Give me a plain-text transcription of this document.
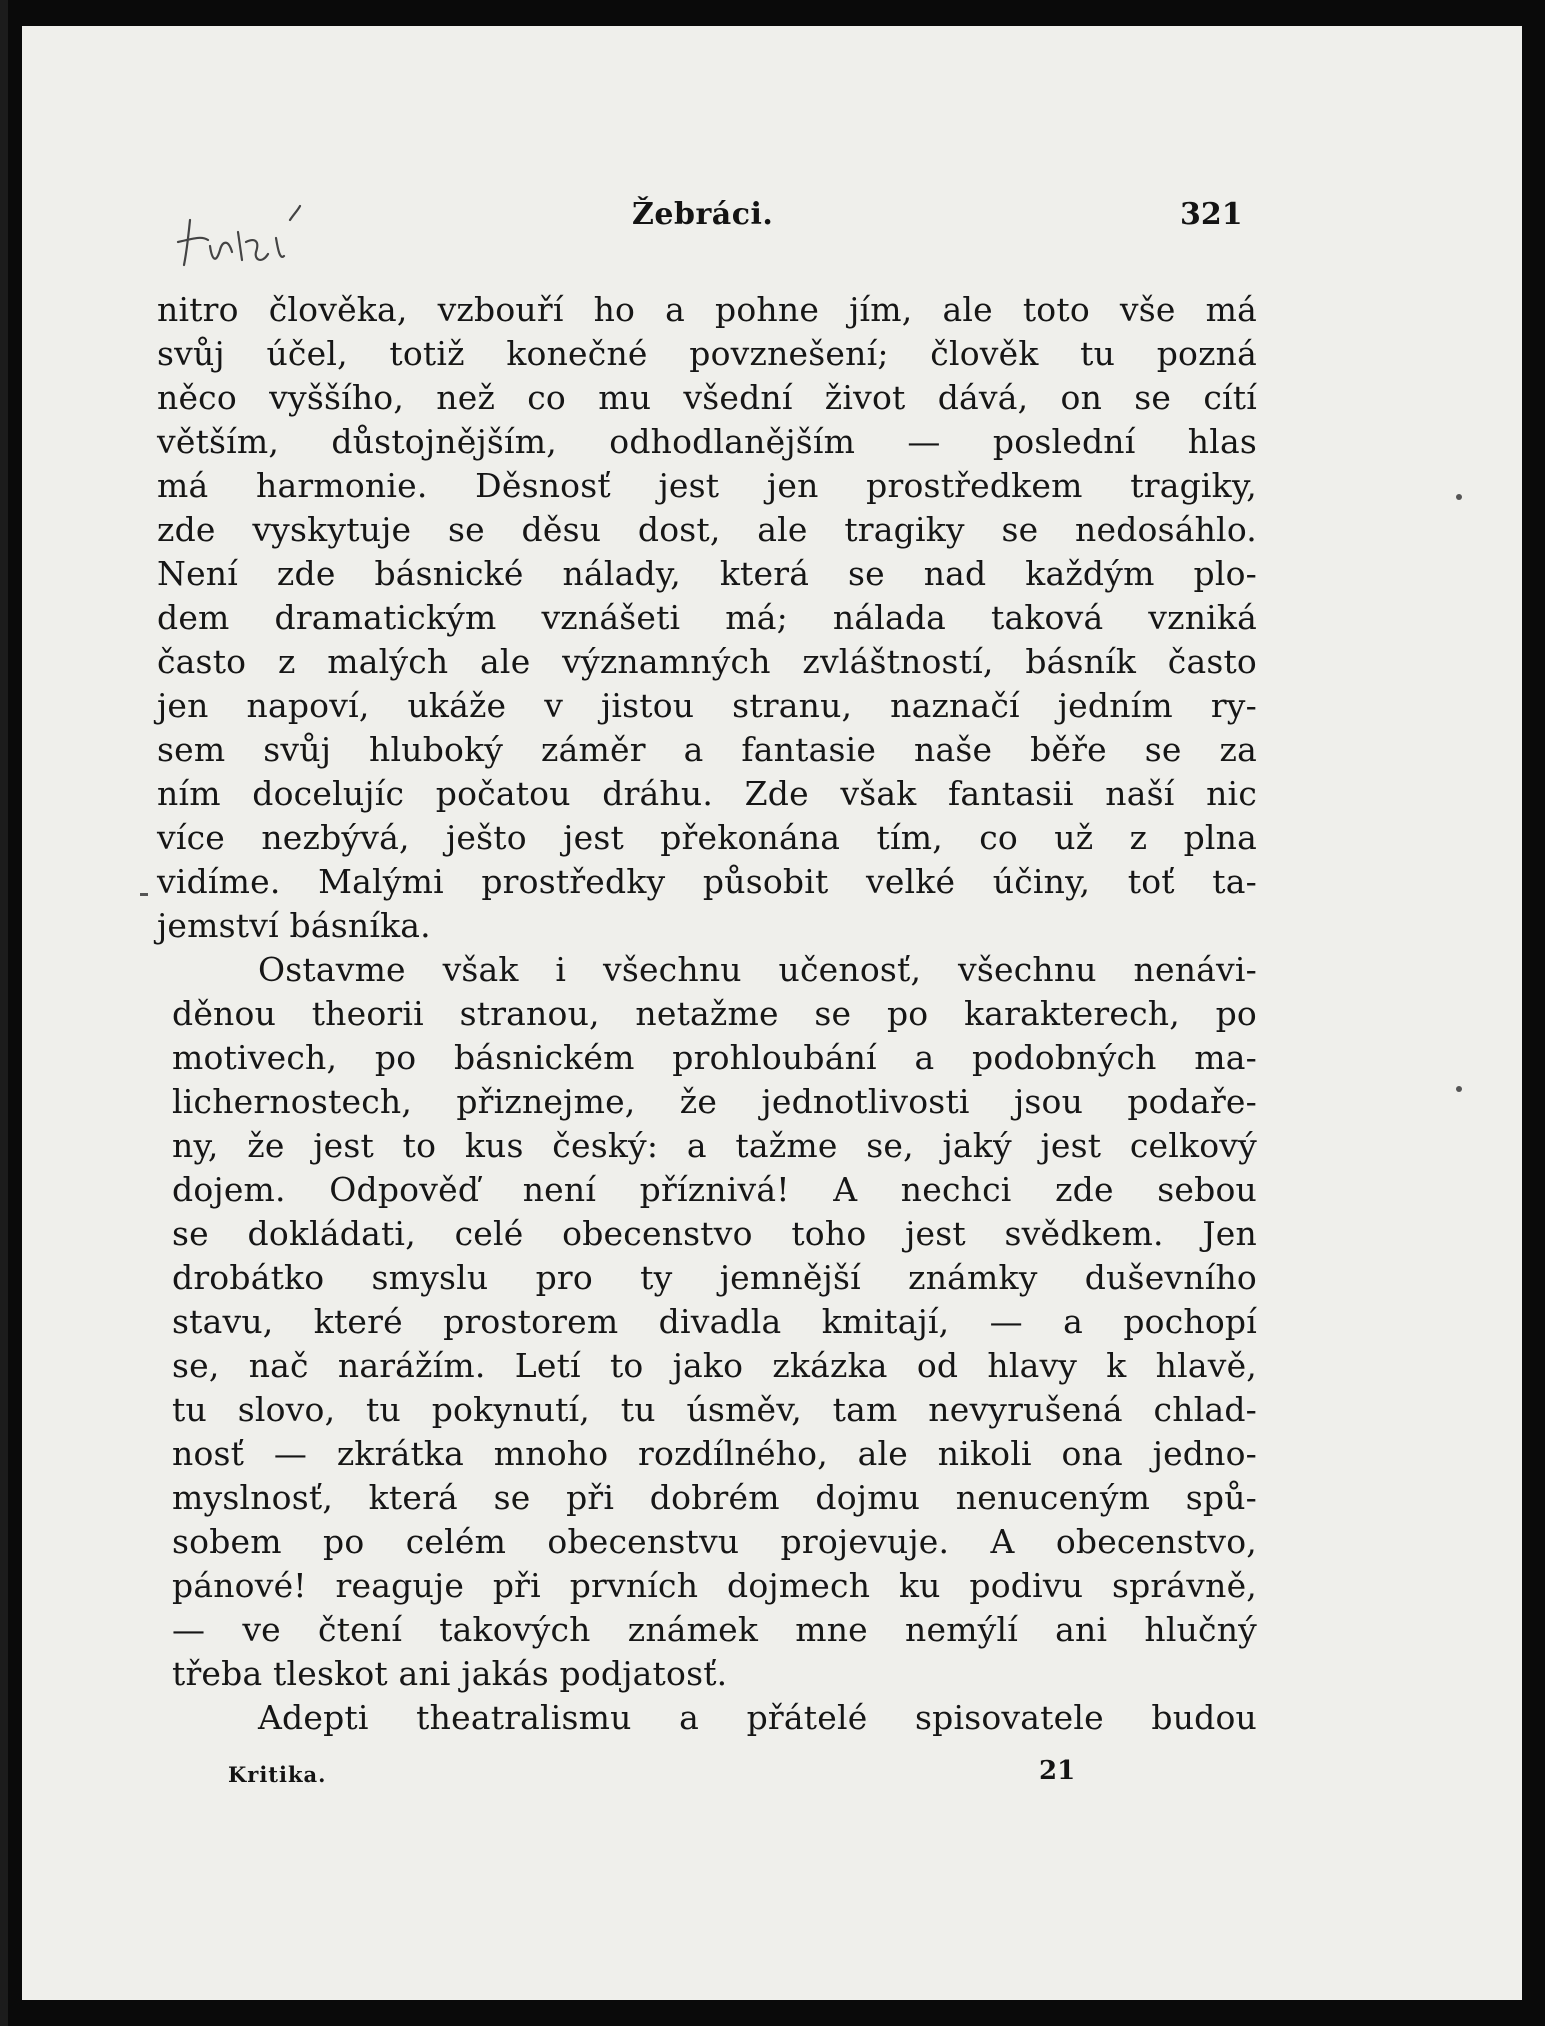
Žebráci.	321
nitro člověka, vzbouří ho a pohne jím, ale toto vše má
svůj účel, totiž konečné povznešení; člověk tu pozná
něco vyššího, než co mu všední život dává, on se cítí
větším, důstojnějším, odhodlanějším — poslední hlas
má harmonie. Děsnosť jest jen prostředkem tragiky,
zde vyskytuje se děsu dost, ale tragiky se nedosáhlo.
Není zde básnické nálady, která se nad každým plo-
dem dramatickým vznášeti má; nálada taková vzniká
často z malých ale významných zvláštností, básník často
jen napoví, ukáže v jistou stranu, naznačí jedním ry-
sem svůj hluboký záměr a fantasie naše běře se za
ním docelujíc počatou dráhu. Zde však fantasii naší nic
více nezbývá, ješto jest překonána tím, co už z plna
vidíme. Malými prostředky působit velké účiny, toť ta-
jemství básníka.
Ostavme však i všechnu učenosť, všechnu nenávi-
děnou theorii stranou, netažme se po karakterech, po
motivech, po básnickém prohloubání a podobných ma-
lichernostech, přiznejme, že jednotlivosti jsou podaře-
ny, že jest to kus český: a tažme se, jaký jest celkový
dojem. Odpověď není příznivá! A nechci zde sebou
se dokládati, celé obecenstvo toho jest svědkem. Jen
drobátko smyslu pro ty jemnější známky duševního
stavu, které prostorem divadla kmitají, — a pochopí
se, nač narážím. Letí to jako zkázka od hlavy k hlavě,
tu slovo, tu pokynutí, tu úsměv, tam nevyrušená chlad-
nosť — zkrátka mnoho rozdílného, ale nikoli ona jedno-
myslnosť, která se při dobrém dojmu nenuceným spů-
sobem po celém obecenstvu projevuje. A obecenstvo,
pánové! reaguje při prvních dojmech ku podivu správně,
— ve čtení takových známek mne nemýlí ani hlučný
třeba tleskot ani jakás podjatosť.
Adepti theatralismu a přátelé spisovatele budou
Kritika.	21
